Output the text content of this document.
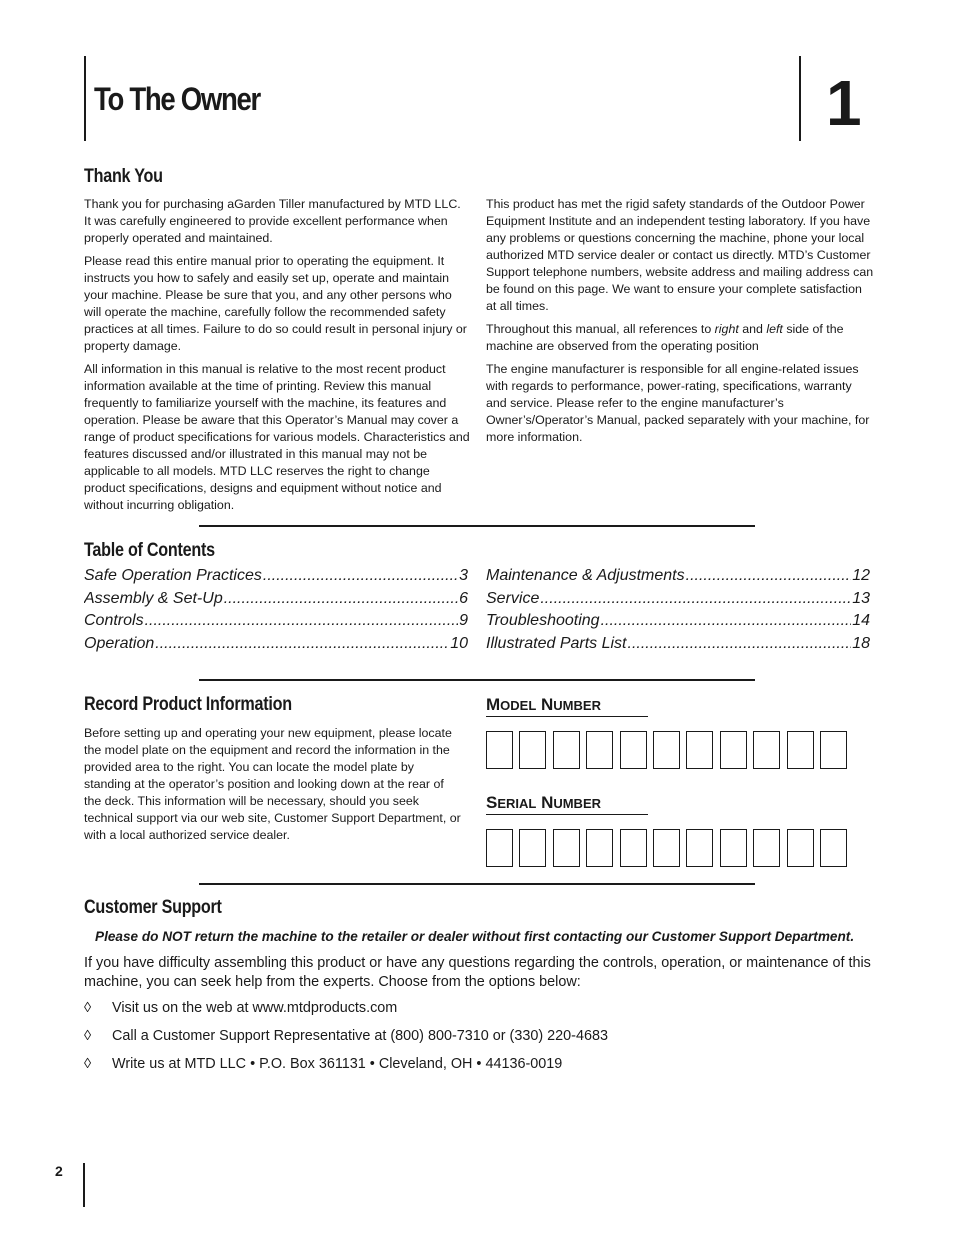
To The Owner	1
Thank You

Thank you for purchasing aGarden Tiller manufactured by MTD LLC. It was carefully engineered to provide excellent performance when properly operated and maintained.

Please read this entire manual prior to operating the equipment. It instructs you how to safely and easily set up, operate and maintain your machine. Please be sure that you, and any other persons who will operate the machine, carefully follow the recommended safety practices at all times. Failure to do so could result in personal injury or property damage.

All information in this manual is relative to the most recent product information available at the time of printing. Review this manual frequently to familiarize yourself with the machine, its features and operation. Please be aware that this Operator’s Manual may cover a range of product specifications for various models. Characteristics and features discussed and/or illustrated in this manual may not be applicable to all models. MTD LLC reserves the right to change product specifications, designs and equipment without notice and without incurring obligation.

This product has met the rigid safety standards of the Outdoor Power Equipment Institute and an independent testing laboratory. If you have any problems or questions concerning the machine, phone your local authorized MTD service dealer or contact us directly. MTD’s Customer Support telephone numbers, website address and mailing address can be found on this page. We want to ensure your complete satisfaction at all times.

Throughout this manual, all references to right and left side of the machine are observed from the operating position

The engine manufacturer is responsible for all engine-related issues with regards to performance, power-rating, specifications, warranty and service. Please refer to the engine manufacturer’s Owner’s/Operator’s Manual, packed separately with your machine, for more information.

Table of Contents
Safe Operation Practices .....	3
Assembly & Set-Up .....	6
Controls .....	9
Operation .....	10
Maintenance & Adjustments .....	12
Service .....	13
Troubleshooting .....	14
Illustrated Parts List .....	18
Record Product Information
Before setting up and operating your new equipment, please locate the model plate on the equipment and record the information in the provided area to the right. You can locate the model plate by standing at the operator’s position and looking down at the rear of the deck. This information will be necessary, should you seek technical support via our web site, Customer Support Department, or with a local authorized service dealer.
MODEL NUMBER
SERIAL NUMBER
Customer Support
Please do NOT return the machine to the retailer or dealer without first contacting our Customer Support Department.
If you have difficulty assembling this product or have any questions regarding the controls, operation, or maintenance of this machine, you can seek help from the experts. Choose from the options below:
◊	Visit us on the web at www.mtdproducts.com
◊	Call a Customer Support Representative at (800) 800-7310 or (330) 220-4683
◊	Write us at MTD LLC • P.O. Box 361131 • Cleveland, OH • 44136-0019
2
